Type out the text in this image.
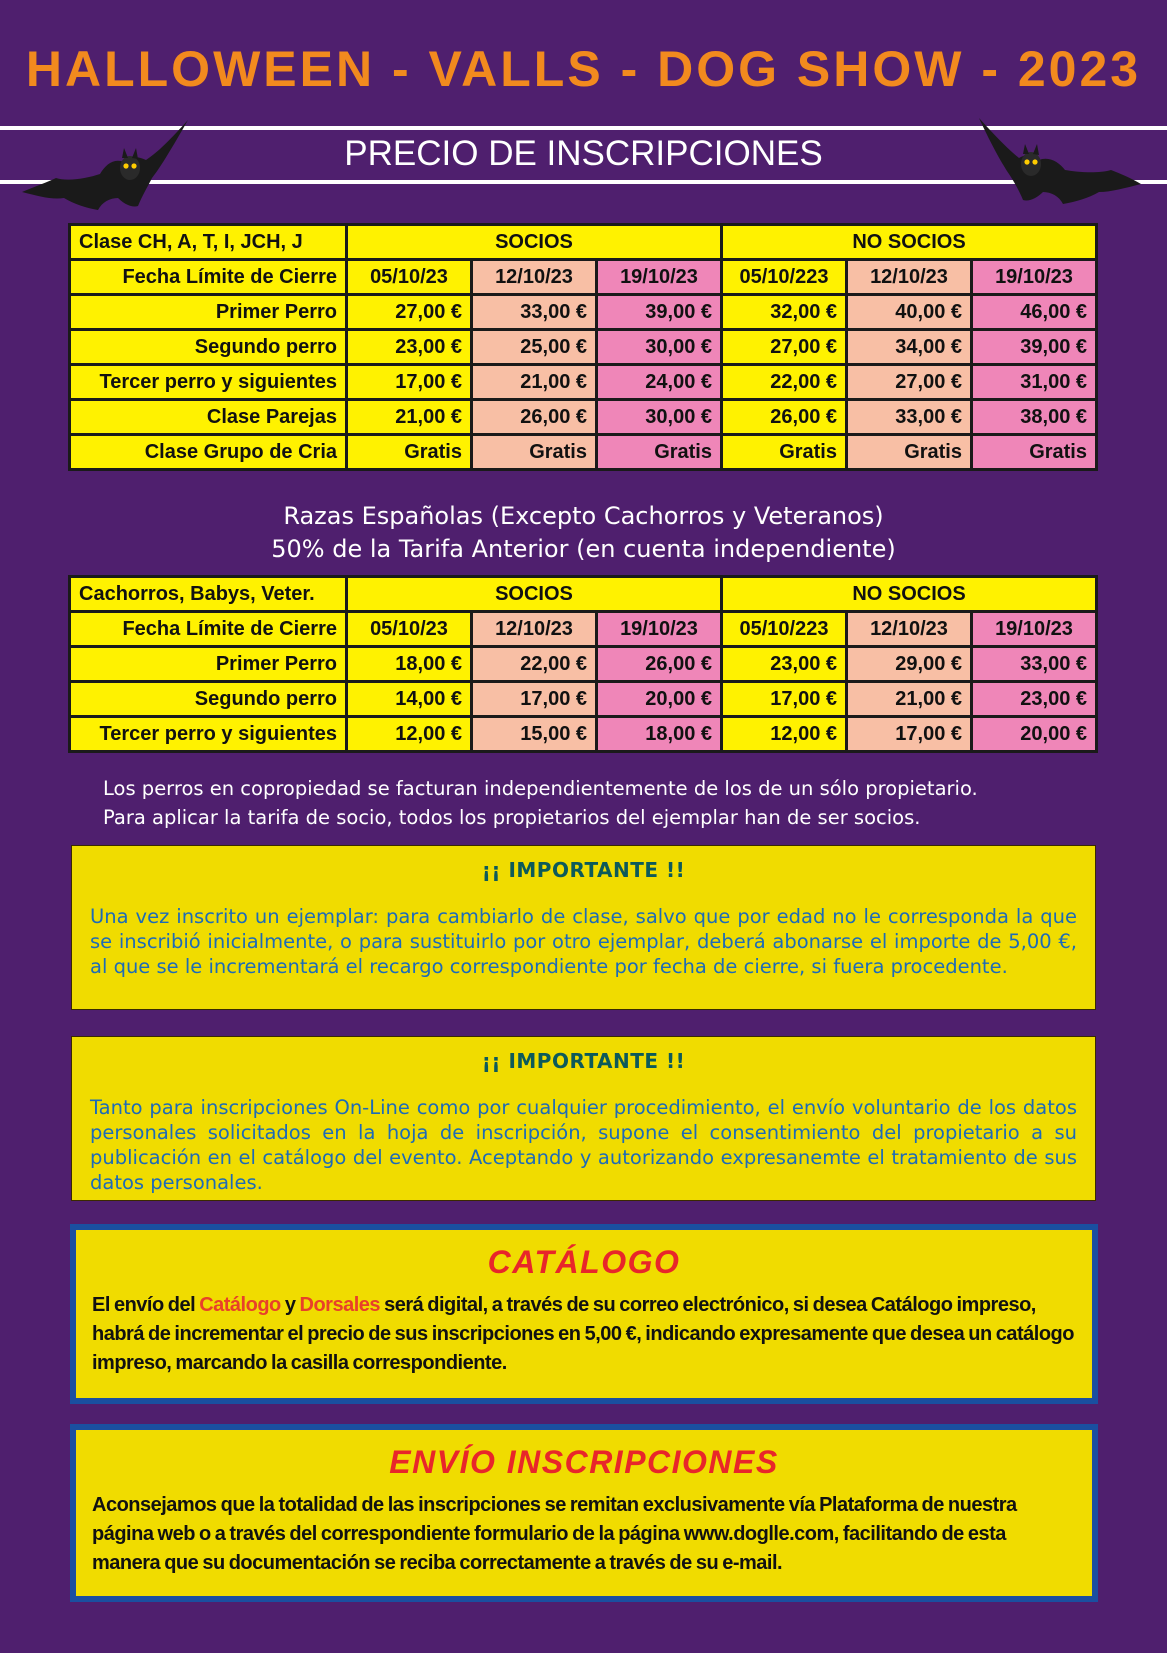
HALLOWEEN - VALLS - DOG SHOW - 2023
PRECIO DE INSCRIPCIONES
Clase CH, A, T, I, JCH, J	SOCIOS			NO SOCIOS		
Fecha Límite de Cierre	05/10/23	12/10/23	19/10/23	05/10/223	12/10/23	19/10/23
Primer Perro	27,00 €	33,00 €	39,00 €	32,00 €	40,00 €	46,00 €
Segundo perro	23,00 €	25,00 €	30,00 €	27,00 €	34,00 €	39,00 €
Tercer perro y siguientes	17,00 €	21,00 €	24,00 €	22,00 €	27,00 €	31,00 €
Clase Parejas	21,00 €	26,00 €	30,00 €	26,00 €	33,00 €	38,00 €
Clase Grupo de Cria	Gratis	Gratis	Gratis	Gratis	Gratis	Gratis
Razas Españolas (Excepto Cachorros y Veteranos)
50% de la Tarifa Anterior (en cuenta independiente)
Cachorros, Babys, Veter.	SOCIOS			NO SOCIOS		
Fecha Límite de Cierre	05/10/23	12/10/23	19/10/23	05/10/223	12/10/23	19/10/23
Primer Perro	18,00 €	22,00 €	26,00 €	23,00 €	29,00 €	33,00 €
Segundo perro	14,00 €	17,00 €	20,00 €	17,00 €	21,00 €	23,00 €
Tercer perro y siguientes	12,00 €	15,00 €	18,00 €	12,00 €	17,00 €	20,00 €
Los perros en copropiedad se facturan independientemente de los de un sólo propietario.
Para aplicar la tarifa de socio, todos los propietarios del ejemplar han de ser socios.
¡¡ IMPORTANTE !!
Una vez inscrito un ejemplar: para cambiarlo de clase, salvo que por edad no le corresponda la que se inscribió inicialmente, o para sustituirlo por otro ejemplar, deberá abonarse el importe de 5,00 €, al que se le incrementará el recargo correspondiente por fecha de cierre, si fuera procedente.
¡¡ IMPORTANTE !!
Tanto para inscripciones On-Line como por cualquier procedimiento, el envío voluntario de los datos personales solicitados en la hoja de inscripción, supone el consentimiento del propietario a su publicación en el catálogo del evento. Aceptando y autorizando expresanemte el tratamiento de sus datos personales.
CATÁLOGO
El envío del Catálogo y Dorsales será digital, a través de su correo electrónico, si desea Catálogo impreso, habrá de incrementar el precio de sus inscripciones en 5,00 €, indicando expresamente que desea un catálogo impreso, marcando la casilla correspondiente.
ENVÍO INSCRIPCIONES
Aconsejamos que la totalidad de las inscripciones se remitan exclusivamente vía Plataforma de nuestra página web o a través del correspondiente formulario de la página www.doglle.com, facilitando de esta manera que su documentación se reciba correctamente a través de su e-mail.
